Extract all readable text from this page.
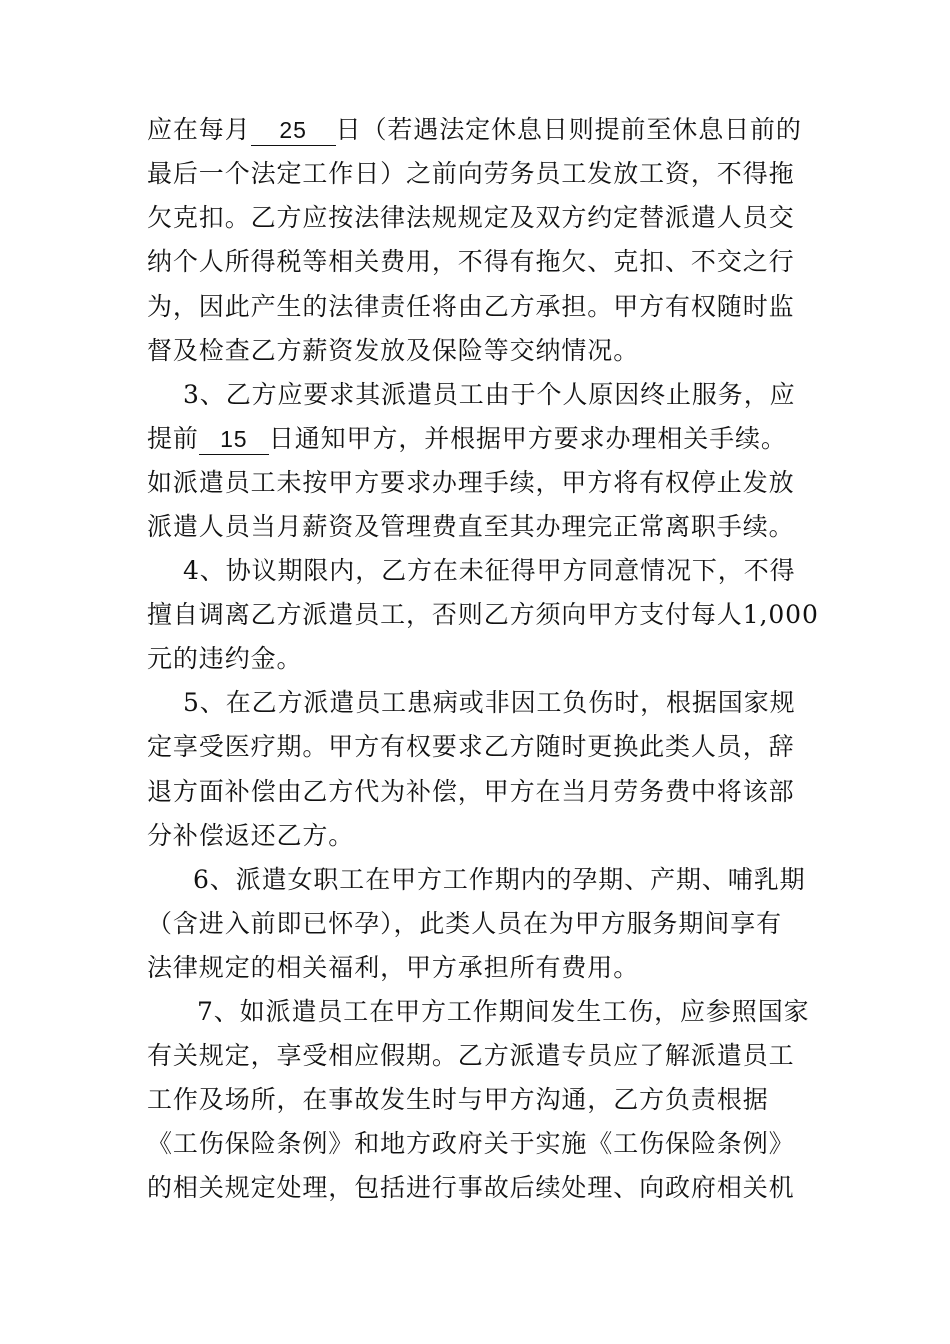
应在每月 25 日（若遇法定休息日则提前至休息日前的
最后一个法定工作日）之前向劳务员工发放工资，不得拖
欠克扣。乙方应按法律法规规定及双方约定替派遣人员交
纳个人所得税等相关费用，不得有拖欠、克扣、不交之行
为，因此产生的法律责任将由乙方承担。甲方有权随时监
督及检查乙方薪资发放及保险等交纳情况。
3、乙方应要求其派遣员工由于个人原因终止服务，应
提前 15 日通知甲方，并根据甲方要求办理相关手续。
如派遣员工未按甲方要求办理手续，甲方将有权停止发放
派遣人员当月薪资及管理费直至其办理完正常离职手续。
4、协议期限内，乙方在未征得甲方同意情况下，不得
擅自调离乙方派遣员工，否则乙方须向甲方支付每人1,000
元的违约金。
5、在乙方派遣员工患病或非因工负伤时，根据国家规
定享受医疗期。甲方有权要求乙方随时更换此类人员，辞
退方面补偿由乙方代为补偿，甲方在当月劳务费中将该部
分补偿返还乙方。
6、派遣女职工在甲方工作期内的孕期、产期、哺乳期
（含进入前即已怀孕），此类人员在为甲方服务期间享有
法律规定的相关福利，甲方承担所有费用。
7、如派遣员工在甲方工作期间发生工伤，应参照国家
有关规定，享受相应假期。乙方派遣专员应了解派遣员工
工作及场所，在事故发生时与甲方沟通，乙方负责根据
《工伤保险条例》和地方政府关于实施《工伤保险条例》
的相关规定处理，包括进行事故后续处理、向政府相关机
